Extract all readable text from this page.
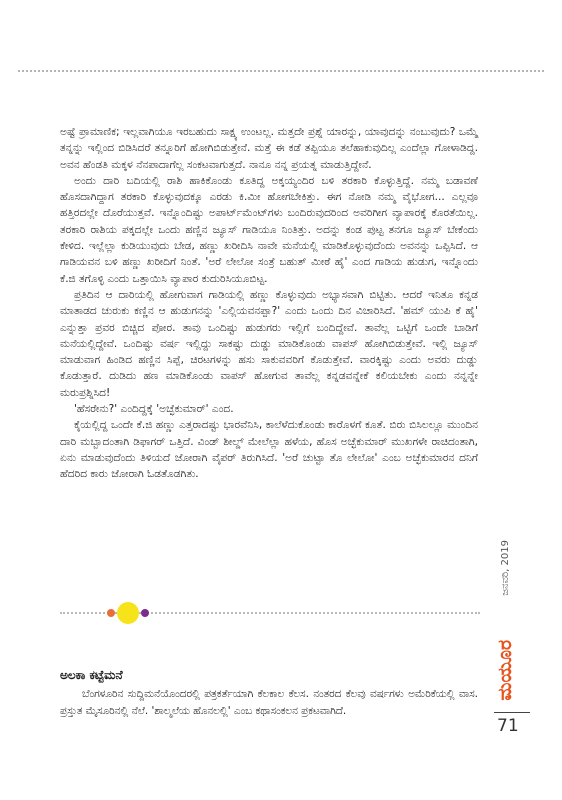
ಅಷ್ಟೆ ಪ್ರಾಮಾಣಿಕ; ಇಲ್ಲವಾಗಿಯೂ ಇರಬಹುದು ಸಾಕ್ಷ್ಯ ಉಂಟಲ್ಲ. ಮತ್ತದೇ ಪ್ರಶ್ನೆ ಯಾರನ್ನು, ಯಾವುದನ್ನು ನಂಬುವುದು? ಒಮ್ಮೆ ತನ್ನನ್ನು ಇಲ್ಲಿಂದ ಬಿಡಿಸಿದರೆ ತನ್ನೂರಿಗೆ ಹೋಗಿಬಿಡುತ್ತೇನೆ. ಮತ್ತೆ ಈ ಕಡೆ ತಪ್ಪಿಯೂ ತಲೆಹಾಕುವುದಿಲ್ಲ ಎಂದೆಲ್ಲಾ ಗೋಳಾಡಿದ್ದ. ಅವನ ಹೆಂಡತಿ ಮಕ್ಕಳ ನೆನಪಾದಾಗೆಲ್ಲ ಸಂಕಟವಾಗುತ್ತದೆ. ನಾನೂ ನನ್ನ ಪ್ರಯತ್ನ ಮಾಡುತ್ತಿದ್ದೇನೆ.

ಅಂದು ದಾರಿ ಬದಿಯಲ್ಲಿ ರಾಶಿ ಹಾಕಿಕೊಂಡು ಕೂತಿದ್ದ ಅಕ್ಕಯ್ಯಂದಿರ ಬಳಿ ತರಕಾರಿ ಕೊಳ್ಳುತ್ತಿದ್ದೆ. ನಮ್ಮ ಬಡಾವಣೆ ಹೊಸದಾಗಿದ್ದಾಗ ತರಕಾರಿ ಕೊಳ್ಳುವುದಕ್ಕೂ ಎರಡು ಕಿ.ಮೀ ಹೋಗಬೇಕಿತ್ತು. ಈಗ ನೋಡಿ ನಮ್ಮ ವೈಭೋಗ... ಎಲ್ಲವೂ ಹತ್ತಿರದಲ್ಲೇ ದೊರೆಯುತ್ತವೆ. ಇನ್ನೊಂದಿಷ್ಟು ಅಪಾರ್ಟ್‌ಮೆಂಟ್‌ಗಳು ಬಂದಿರುವುದರಿಂದ ಅವರಿಗೀಗ ವ್ಯಾಪಾರಕ್ಕೆ ಕೊರತೆಯಿಲ್ಲ. ತರಕಾರಿ ರಾಶಿಯ ಪಕ್ಕದಲ್ಲೇ ಒಂದು ಹಣ್ಣಿನ ಜ್ಯೂಸ್ ಗಾಡಿಯೂ ನಿಂತಿತ್ತು. ಅದನ್ನು ಕಂಡ ಪುಟ್ಟ ತನಗೂ ಜ್ಯೂಸ್ ಬೇಕೆಂದು ಕೇಳಿದ. ಇಲ್ಲೆಲ್ಲಾ ಕುಡಿಯುವುದು ಬೇಡ, ಹಣ್ಣು ಖರೀದಿಸಿ ನಾವೇ ಮನೆಯಲ್ಲಿ ಮಾಡಿಕೊಳ್ಳುವುದೆಂದು ಅವನನ್ನು ಒಪ್ಪಿಸಿದೆ. ಆ ಗಾಡಿಯವನ ಬಳಿ ಹಣ್ಣು ಖರೀದಿಗೆ ನಿಂತೆ. 'ಅರೆ ಲೇಲೋ ಸಂತ್ರೆ ಬಹುತ್ ಮೀಠೆ ಹೈ' ಎಂದ ಗಾಡಿಯ ಹುಡುಗ, ಇನ್ನೊಂದು ಕೆ.ಜಿ ತಗೊಳ್ಳಿ ಎಂದು ಒತ್ತಾಯಿಸಿ ವ್ಯಾಪಾರ ಕುದುರಿಸಿಯೂಬಿಟ್ಟ.

ಪ್ರತಿದಿನ ಆ ದಾರಿಯಲ್ಲಿ ಹೋಗುವಾಗ ಗಾಡಿಯಲ್ಲಿ ಹಣ್ಣು ಕೊಳ್ಳುವುದು ಅಭ್ಯಾಸವಾಗಿ ಬಿಟ್ಟಿತು. ಆದರೆ ಇನಿತೂ ಕನ್ನಡ ಮಾತಾಡದ ಚುರುಕು ಕಣ್ಣಿನ ಆ ಹುಡುಗನನ್ನು 'ಎಲ್ಲಿಯವನಪ್ಪಾ?' ಎಂದು ಒಂದು ದಿನ ವಿಚಾರಿಸಿದೆ. 'ಹಮ್ ಯುಪಿ ಕೆ ಹೈ' ಎನ್ನುತ್ತಾ ಪ್ರವರ ಬಿಚ್ಚಿದ ಪೋರ. ತಾವು ಒಂದಿಷ್ಟು ಹುಡುಗರು ಇಲ್ಲಿಗೆ ಬಂದಿದ್ದೇವೆ. ತಾವೆಲ್ಲ ಒಟ್ಟಿಗೆ ಒಂದೇ ಬಾಡಿಗೆ ಮನೆಯಲ್ಲಿದ್ದೇವೆ. ಒಂದಿಷ್ಟು ವರ್ಷ ಇಲ್ಲಿದ್ದು ಸಾಕಷ್ಟು ದುಡ್ಡು ಮಾಡಿಕೊಂಡು ವಾಪಸ್ ಹೋಗಿಬಿಡುತ್ತೇವೆ. ಇಲ್ಲಿ ಜ್ಯೂಸ್ ಮಾಡುವಾಗ ಹಿಂಡಿದ ಹಣ್ಣಿನ ಸಿಪ್ಪೆ, ಚಿರಟಗಳನ್ನು ಹಸು ಸಾಕುವವರಿಗೆ ಕೊಡುತ್ತೇವೆ. ವಾರಕ್ಕಿಷ್ಟು ಎಂದು ಅವರು ದುಡ್ಡು ಕೊಡುತ್ತಾರೆ. ದುಡಿದು ಹಣ ಮಾಡಿಕೊಂಡು ವಾಪಸ್ ಹೋಗುವ ತಾವೆಲ್ಲ ಕನ್ನಡವನ್ನೇಕೆ ಕಲಿಯಬೇಕು ಎಂದು ನನ್ನನ್ನೇ ಮರುಪ್ರಶ್ನಿಸಿದ!

'ಹೆಸರೇನು?' ಎಂದಿದ್ದಕ್ಕೆ 'ಅಚ್ಛೆಕುಮಾರ್' ಎಂದ.

ಕೈಯಲ್ಲಿದ್ದ ಒಂದೇ ಕೆ.ಜಿ ಹಣ್ಣು ಎತ್ತರಾದಷ್ಟು ಭಾರವೆನಿಸಿ, ಕಾಲೆಳೆದುಕೊಂಡು ಕಾರೊಳಗೆ ಕೂತೆ. ಬಿರು ಬಿಸಿಲಲ್ಲೂ ಮುಂದಿನ ದಾರಿ ಮಬ್ಬಾದಂತಾಗಿ ಡಿಫಾಗರ್ ಒತ್ತಿದೆ. ವಿಂಡ್ ಶೀಲ್ಡ್ ಮೇಲೆಲ್ಲಾ ಹಳೆಯ, ಹೊಸ ಅಚ್ಛೆಕುಮಾರ್ ಮುಖಗಳೇ ರಾಚಿದಂತಾಗಿ, ಏನು ಮಾಡುವುದೆಂದು ತಿಳಿಯದೆ ಜೋರಾಗಿ ವೈಪರ್ ತಿರುಗಿಸಿದೆ. 'ಅರೆ ಚುಟ್ಟಾ ತೊ ಲೇಲೋ' ಎಂಬ ಅಚ್ಛೆಕುಮಾರನ ದನಿಗೆ ಹೆದರಿದ ಕಾರು ಜೋರಾಗಿ ಓಡತೊಡಗಿತು.

ಅಲಕಾ ಕಟ್ಟೆಮನೆ

ಬೆಂಗಳೂರಿನ ಸುದ್ದಿಮನೆಯೊಂದರಲ್ಲಿ ಪತ್ರಕರ್ತೆಯಾಗಿ ಕೆಲಕಾಲ ಕೆಲಸ. ನಂತರದ ಕೆಲವು ವರ್ಷಗಳು ಅಮೆರಿಕೆಯಲ್ಲಿ ವಾಸ. ಪ್ರಸ್ತುತ ಮೈಸೂರಿನಲ್ಲಿ ನೆಲೆ. 'ಶಾಲ್ಮಲೆಯ ಹೊನಲಲ್ಲಿ' ಎಂಬ ಕಥಾಸಂಕಲನ ಪ್ರಕಟವಾಗಿದೆ.

ಜನವರಿ, 2019
ಮಯೂರ
71
